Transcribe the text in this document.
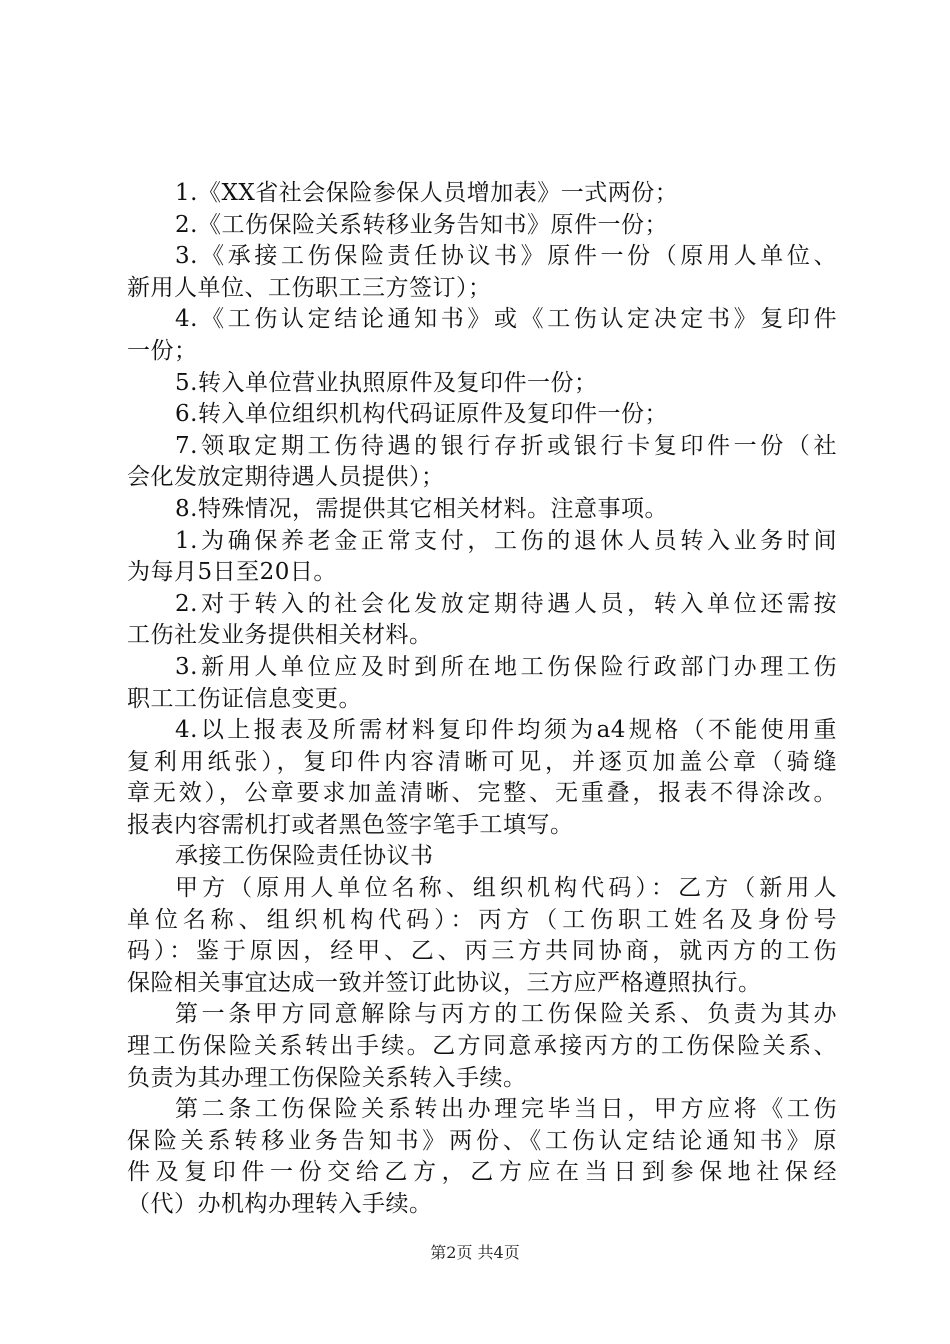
1.《XX省社会保险参保人员增加表》一式两份；
2.《工伤保险关系转移业务告知书》原件一份；
3.《承接工伤保险责任协议书》原件一份（原用人单位、
新用人单位、工伤职工三方签订）；
4.《工伤认定结论通知书》或《工伤认定决定书》复印件
一份；
5.转入单位营业执照原件及复印件一份；
6.转入单位组织机构代码证原件及复印件一份；
7.领取定期工伤待遇的银行存折或银行卡复印件一份（社
会化发放定期待遇人员提供）；
8.特殊情况，需提供其它相关材料。注意事项。
1.为确保养老金正常支付，工伤的退休人员转入业务时间
为每月5日至20日。
2.对于转入的社会化发放定期待遇人员，转入单位还需按
工伤社发业务提供相关材料。
3.新用人单位应及时到所在地工伤保险行政部门办理工伤
职工工伤证信息变更。
4.以上报表及所需材料复印件均须为a4规格（不能使用重
复利用纸张），复印件内容清晰可见，并逐页加盖公章（骑缝
章无效），公章要求加盖清晰、完整、无重叠，报表不得涂改。
报表内容需机打或者黑色签字笔手工填写。
承接工伤保险责任协议书
甲方（原用人单位名称、组织机构代码）：乙方（新用人
单位名称、组织机构代码）：丙方（工伤职工姓名及身份号
码）：鉴于原因，经甲、乙、丙三方共同协商，就丙方的工伤
保险相关事宜达成一致并签订此协议，三方应严格遵照执行。
第一条甲方同意解除与丙方的工伤保险关系、负责为其办
理工伤保险关系转出手续。乙方同意承接丙方的工伤保险关系、
负责为其办理工伤保险关系转入手续。
第二条工伤保险关系转出办理完毕当日，甲方应将《工伤
保险关系转移业务告知书》两份、《工伤认定结论通知书》原
件及复印件一份交给乙方，乙方应在当日到参保地社保经
（代）办机构办理转入手续。
第2页 共4页
